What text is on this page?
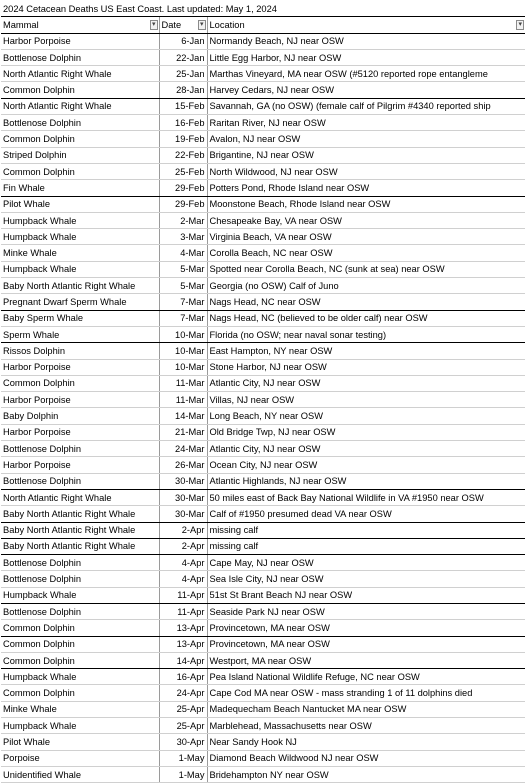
2024 Cetacean Deaths US East Coast. Last updated: May 1, 2024		
Mammal ▾	Date ▾	Location ▾

Harbor Porpoise	6-Jan	Normandy Beach, NJ near OSW
Bottlenose Dolphin	22-Jan	Little Egg Harbor, NJ near OSW
North Atlantic Right Whale	25-Jan	Marthas Vineyard, MA near OSW (#5120 reported rope entangleme
Common Dolphin	28-Jan	Harvey Cedars, NJ near OSW
North Atlantic Right Whale	15-Feb	Savannah, GA (no OSW) (female calf of Pilgrim #4340 reported ship
Bottlenose Dolphin	16-Feb	Raritan River, NJ near OSW
Common Dolphin	19-Feb	Avalon, NJ near OSW
Striped Dolphin	22-Feb	Brigantine, NJ near OSW
Common Dolphin	25-Feb	North Wildwood, NJ near OSW
Fin Whale	29-Feb	Potters Pond, Rhode Island near OSW
Pilot Whale	29-Feb	Moonstone Beach, Rhode Island near OSW
Humpback Whale	2-Mar	Chesapeake Bay, VA near OSW
Humpback Whale	3-Mar	Virginia Beach, VA near OSW
Minke Whale	4-Mar	Corolla Beach, NC near OSW
Humpback Whale	5-Mar	Spotted near Corolla Beach, NC (sunk at sea) near OSW
Baby North Atlantic Right Whale	5-Mar	Georgia (no OSW) Calf of Juno
Pregnant Dwarf Sperm Whale	7-Mar	Nags Head, NC near OSW
Baby Sperm Whale	7-Mar	Nags Head, NC (believed to be older calf) near OSW
Sperm Whale	10-Mar	Florida (no OSW; near naval sonar testing)
Rissos Dolphin	10-Mar	East Hampton, NY near OSW
Harbor Porpoise	10-Mar	Stone Harbor, NJ near OSW
Common Dolphin	11-Mar	Atlantic City, NJ near OSW
Harbor Porpoise	11-Mar	Villas, NJ near OSW
Baby Dolphin	14-Mar	Long Beach, NY near OSW
Harbor Porpoise	21-Mar	Old Bridge Twp, NJ near OSW
Bottlenose Dolphin	24-Mar	Atlantic City, NJ near OSW
Harbor Porpoise	26-Mar	Ocean City, NJ near OSW
Bottlenose Dolphin	30-Mar	Atlantic Highlands, NJ near OSW
North Atlantic Right Whale	30-Mar	50 miles east of Back Bay National Wildlife in VA #1950 near OSW
Baby North Atlantic Right Whale	30-Mar	Calf of #1950 presumed dead VA near OSW
Baby North Atlantic Right Whale	2-Apr	missing calf
Baby North Atlantic Right Whale	2-Apr	missing calf
Bottlenose Dolphin	4-Apr	Cape May, NJ near OSW
Bottlenose Dolphin	4-Apr	Sea Isle City, NJ near OSW
Humpback Whale	11-Apr	51st St Brant Beach NJ near OSW
Bottlenose Dolphin	11-Apr	Seaside Park NJ near OSW
Common Dolphin	13-Apr	Provincetown, MA near OSW
Common Dolphin	13-Apr	Provincetown, MA near OSW
Common Dolphin	14-Apr	Westport, MA near OSW
Humpback Whale	16-Apr	Pea Island National Wildlife Refuge, NC near OSW
Common Dolphin	24-Apr	Cape Cod MA near OSW - mass stranding 1 of 11 dolphins died
Minke Whale	25-Apr	Madequecham Beach Nantucket MA near OSW
Humpback Whale	25-Apr	Marblehead, Massachusetts near OSW
Pilot Whale	30-Apr	Near Sandy Hook NJ
Porpoise	1-May	Diamond Beach Wildwood NJ near OSW
Unidentified Whale	1-May	Bridehampton NY near OSW
